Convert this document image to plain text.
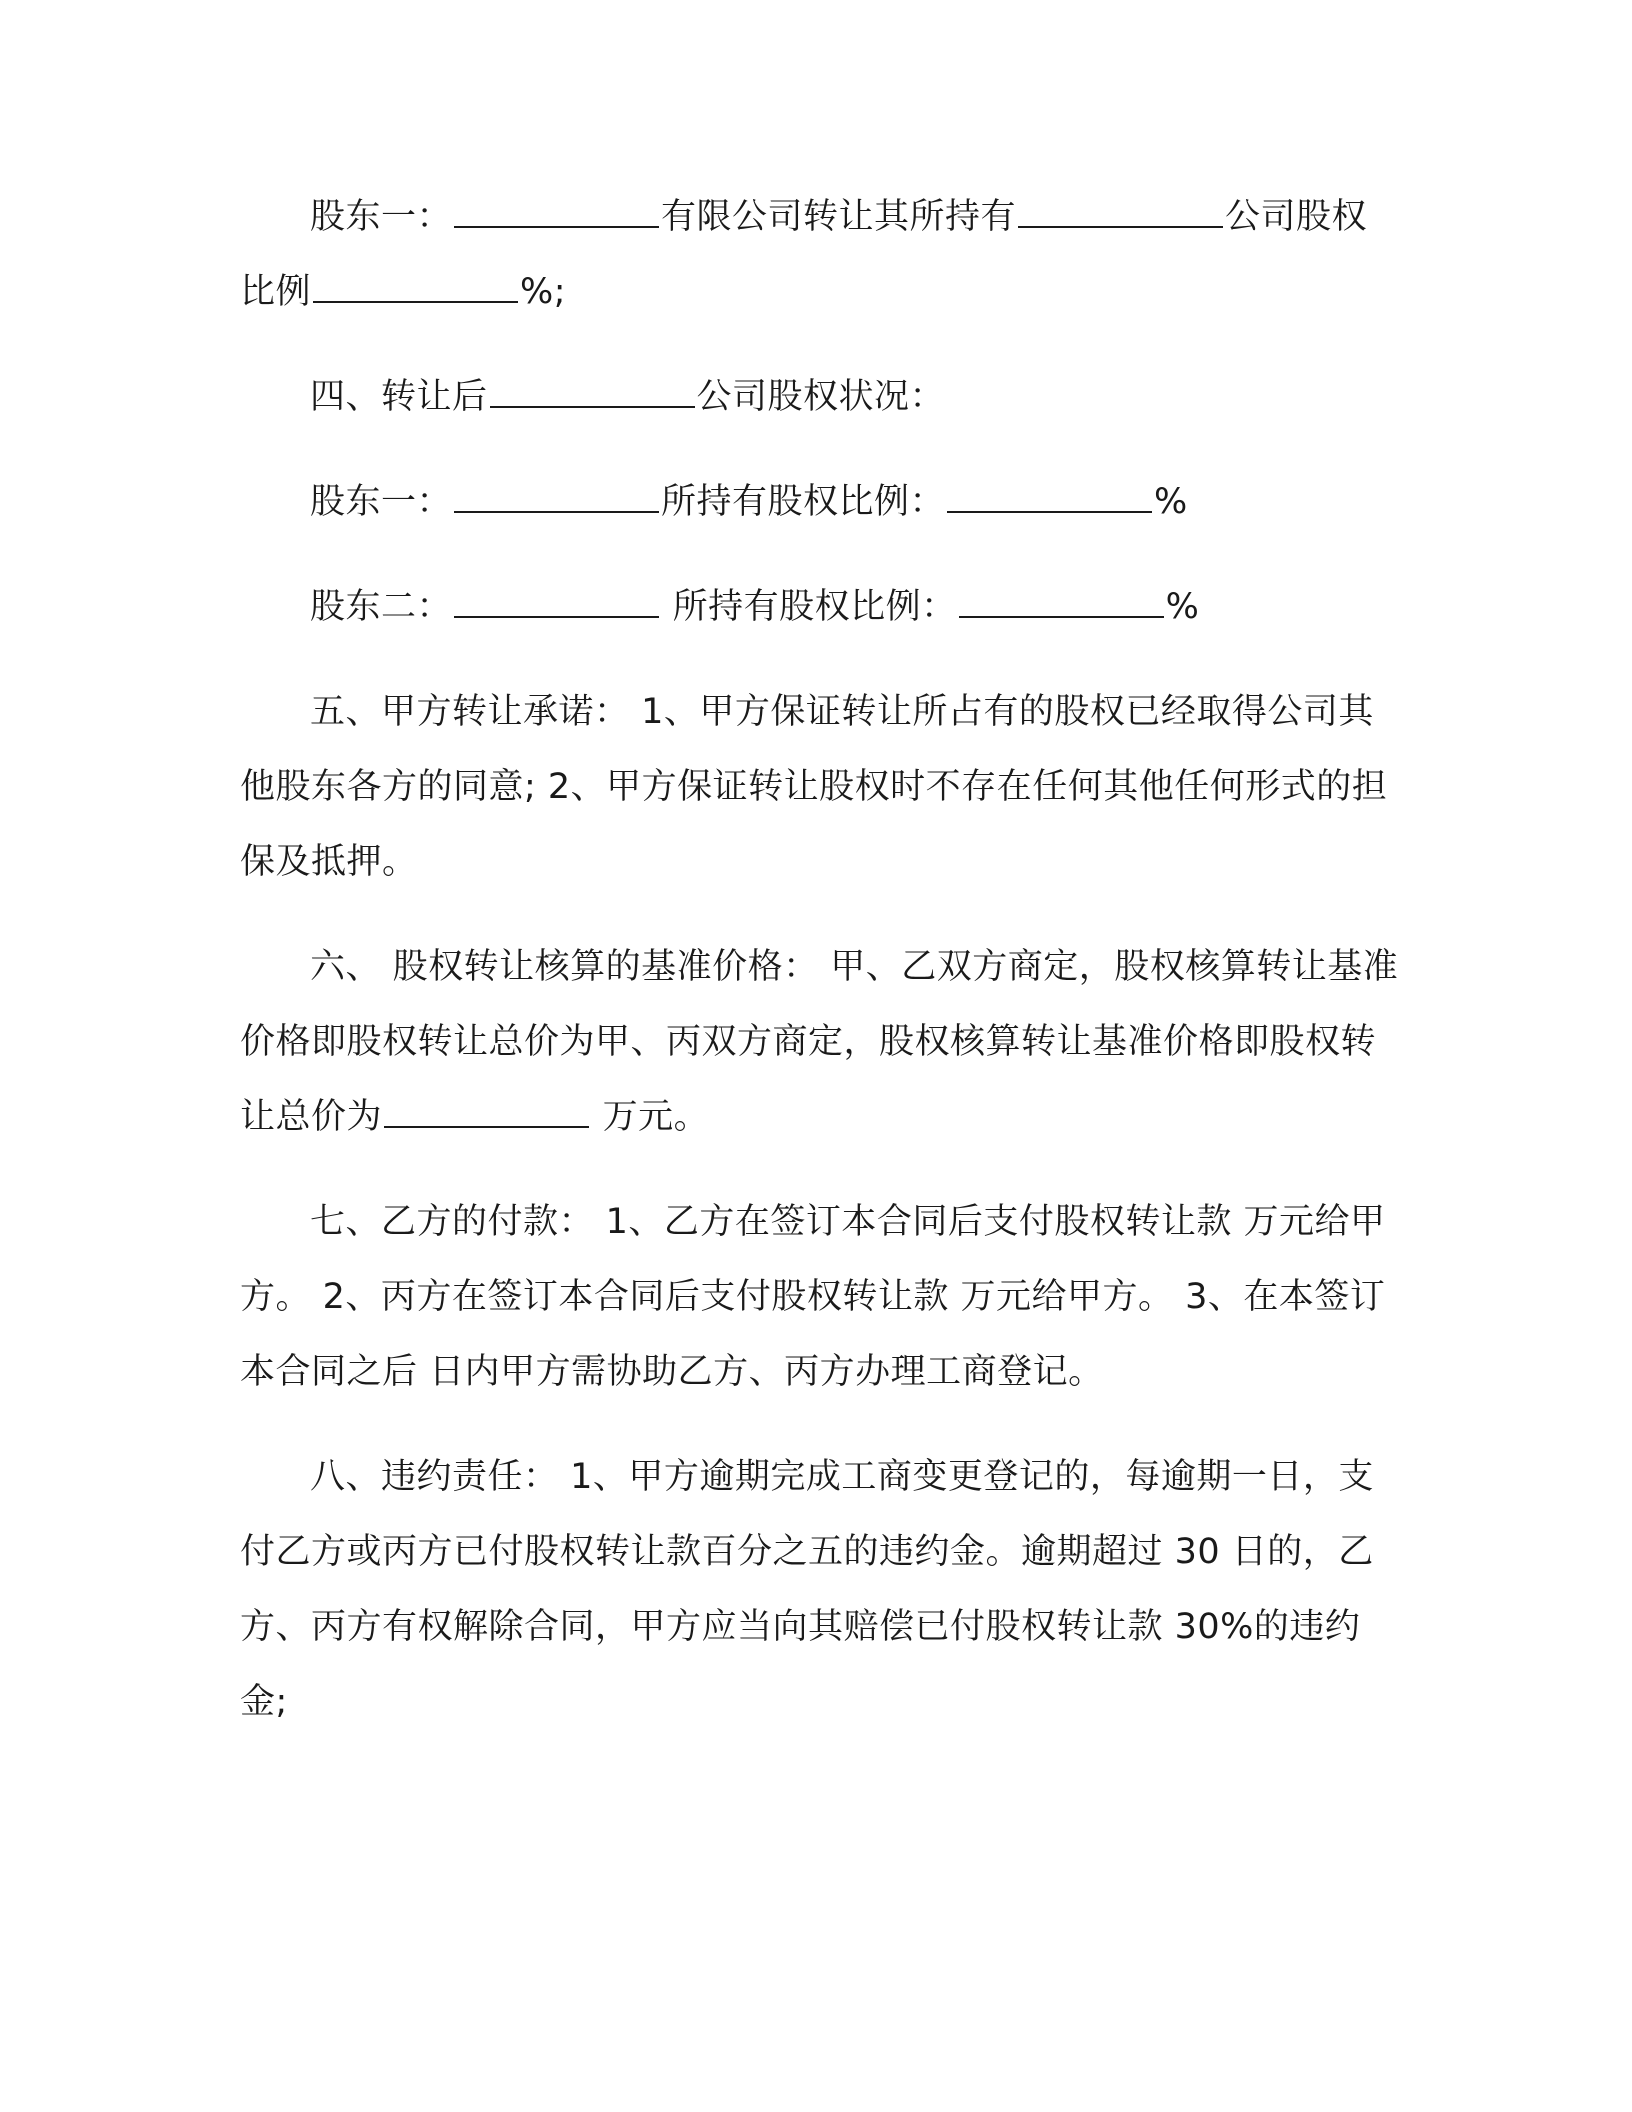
股东一：	有限公司转让其所持有	公司股权比例	%;

四、转让后	公司股权状况：

股东一：	所持有股权比例：	%

股东二：	所持有股权比例：	%

五、甲方转让承诺： 1、甲方保证转让所占有的股权已经取得公司其他股东各方的同意; 2、甲方保证转让股权时不存在任何其他任何形式的担保及抵押。

六、 股权转让核算的基准价格： 甲、乙双方商定，股权核算转让基准价格即股权转让总价为甲、丙双方商定，股权核算转让基准价格即股权转让总价为	万元。

七、乙方的付款： 1、乙方在签订本合同后支付股权转让款 万元给甲方。 2、丙方在签订本合同后支付股权转让款 万元给甲方。 3、在本签订本合同之后 日内甲方需协助乙方、丙方办理工商登记。

八、违约责任： 1、甲方逾期完成工商变更登记的，每逾期一日，支付乙方或丙方已付股权转让款百分之五的违约金。逾期超过 30 日的，乙方、丙方有权解除合同，甲方应当向其赔偿已付股权转让款 30%的违约金;
